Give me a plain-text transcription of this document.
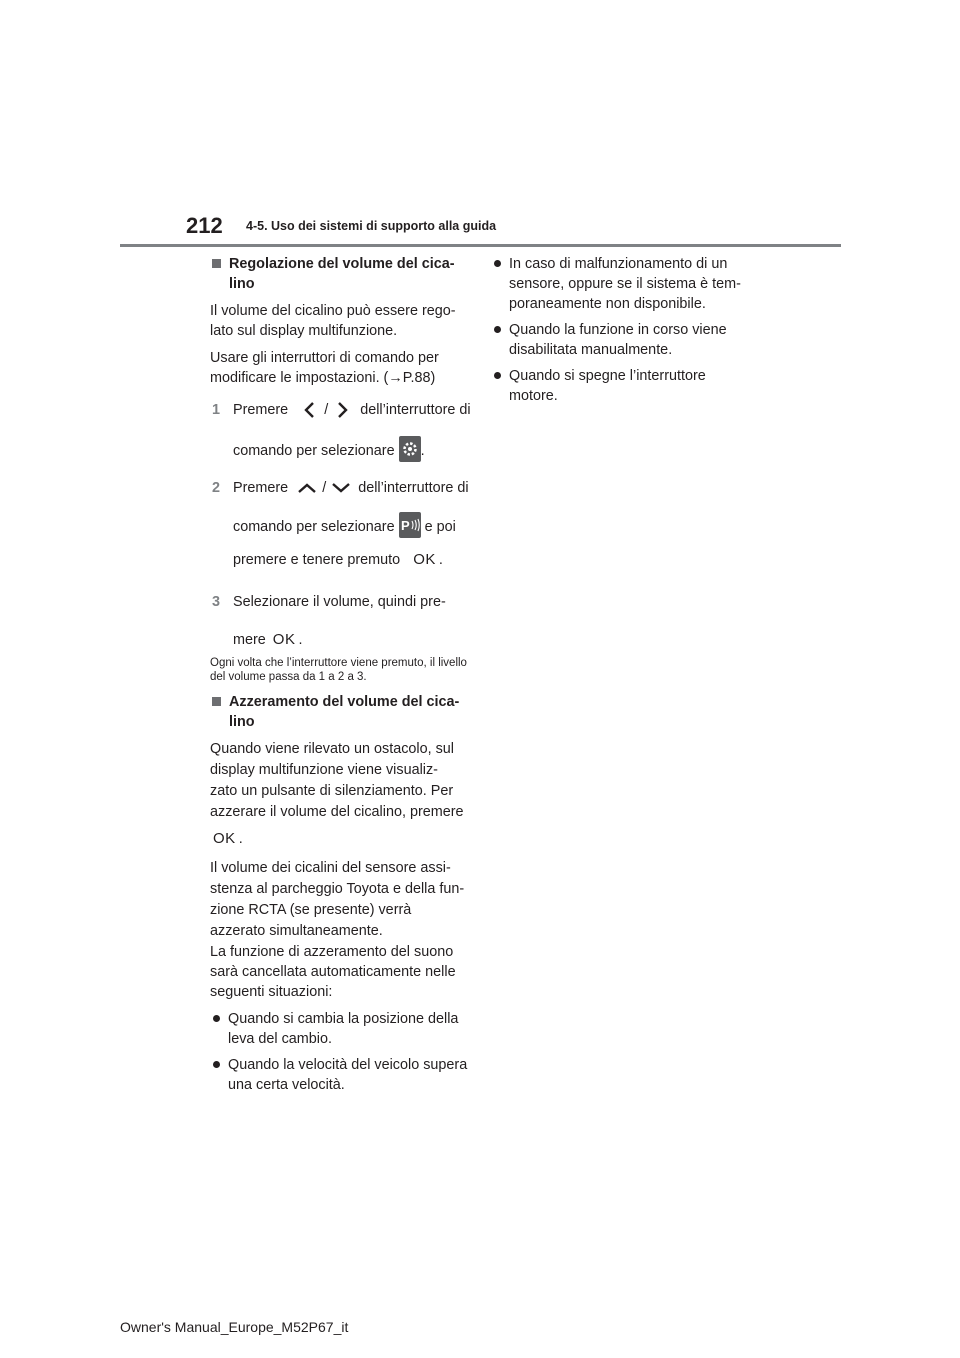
212 4-5. Uso dei sistemi di supporto alla guida
Regolazione del volume del cica-
lino

Il volume del cicalino può essere rego- lato sul display multifunzione.

Usare gli interruttori di comando per modificare le impostazioni. (→P.88)

1 Premere	/ dell’interruttore di
comando per selezionare .
2 Premere / dell’interruttore di
comando per selezionare P e poi
premere e tenere premuto OK .
3 Selezionare il volume, quindi pre-
mere OK .

Ogni volta che l’interruttore viene premuto, il livello del volume passa da 1 a 2 a 3.

Azzeramento del volume del cica-
lino

Quando viene rilevato un ostacolo, sul display multifunzione viene visualiz- zato un pulsante di silenziamento. Per azzerare il volume del cicalino, premere

OK .

Il volume dei cicalini del sensore assi- stenza al parcheggio Toyota e della fun- zione RCTA (se presente) verrà azzerato simultaneamente.

La funzione di azzeramento del suono sarà cancellata automaticamente nelle seguenti situazioni:

Quando si cambia la posizione della leva del cambio.
Quando la velocità del veicolo supera una certa velocità.
In caso di malfunzionamento di un sensore, oppure se il sistema è tem- poraneamente non disponibile.
Quando la funzione in corso viene disabilitata manualmente.
Quando si spegne l’interruttore motore.
Owner's Manual_Europe_M52P67_it
